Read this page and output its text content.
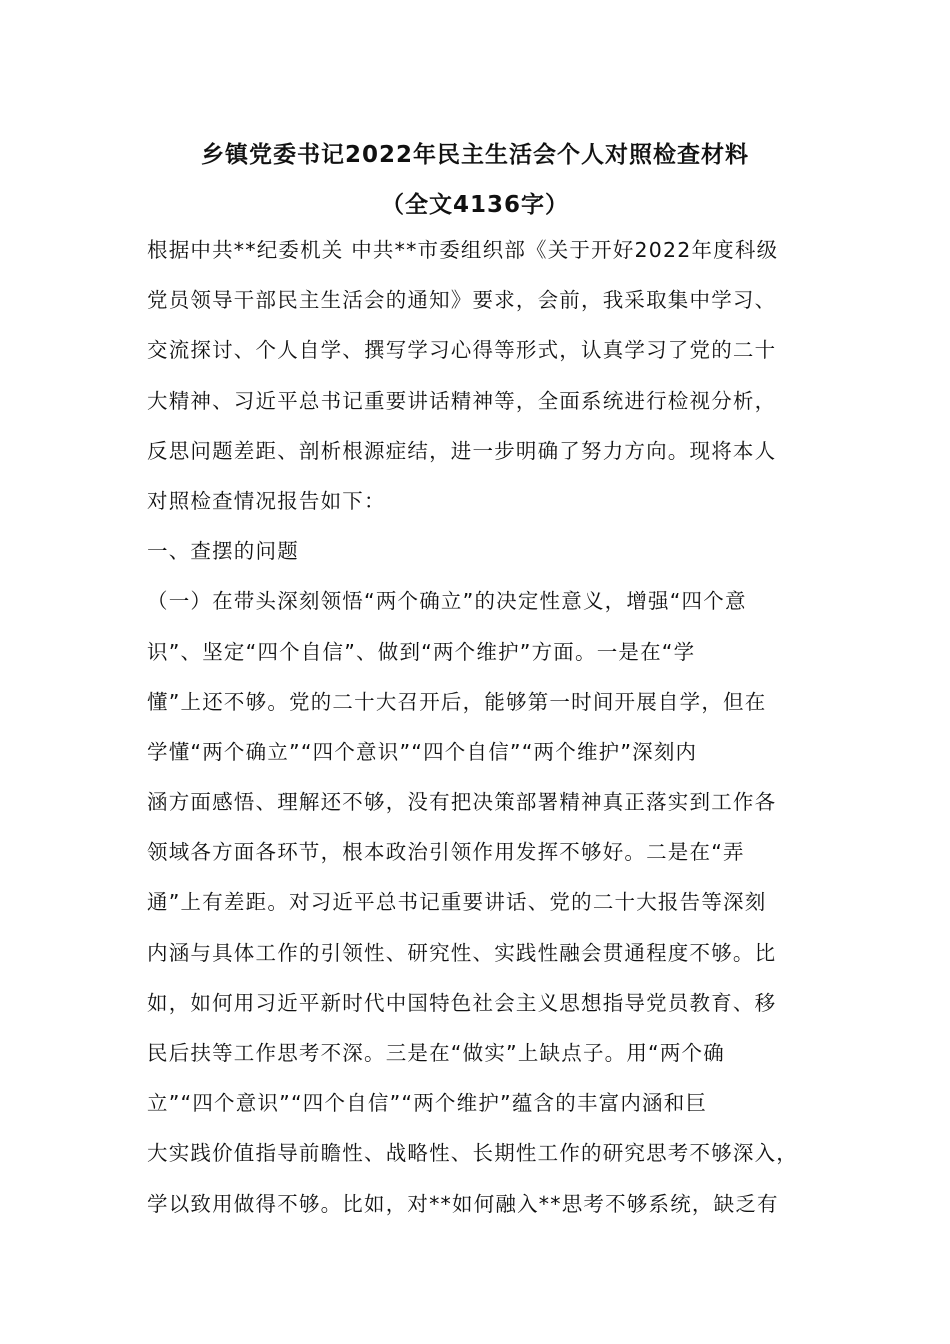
乡镇党委书记2022年民主生活会个人对照检查材料
（全文4136字）
根据中共**纪委机关 中共**市委组织部《关于开好2022年度科级
党员领导干部民主生活会的通知》要求，会前，我采取集中学习、
交流探讨、个人自学、撰写学习心得等形式，认真学习了党的二十
大精神、习近平总书记重要讲话精神等，全面系统进行检视分析，
反思问题差距、剖析根源症结，进一步明确了努力方向。现将本人
对照检查情况报告如下：
一、查摆的问题
（一）在带头深刻领悟“两个确立”的决定性意义，增强“四个意
识”、坚定“四个自信”、做到“两个维护”方面。一是在“学
懂”上还不够。党的二十大召开后，能够第一时间开展自学，但在
学懂“两个确立”“四个意识”“四个自信”“两个维护”深刻内
涵方面感悟、理解还不够，没有把决策部署精神真正落实到工作各
领域各方面各环节，根本政治引领作用发挥不够好。二是在“弄
通”上有差距。对习近平总书记重要讲话、党的二十大报告等深刻
内涵与具体工作的引领性、研究性、实践性融会贯通程度不够。比
如，如何用习近平新时代中国特色社会主义思想指导党员教育、移
民后扶等工作思考不深。三是在“做实”上缺点子。用“两个确
立”“四个意识”“四个自信”“两个维护”蕴含的丰富内涵和巨
大实践价值指导前瞻性、战略性、长期性工作的研究思考不够深入，
学以致用做得不够。比如，对**如何融入**思考不够系统，缺乏有
